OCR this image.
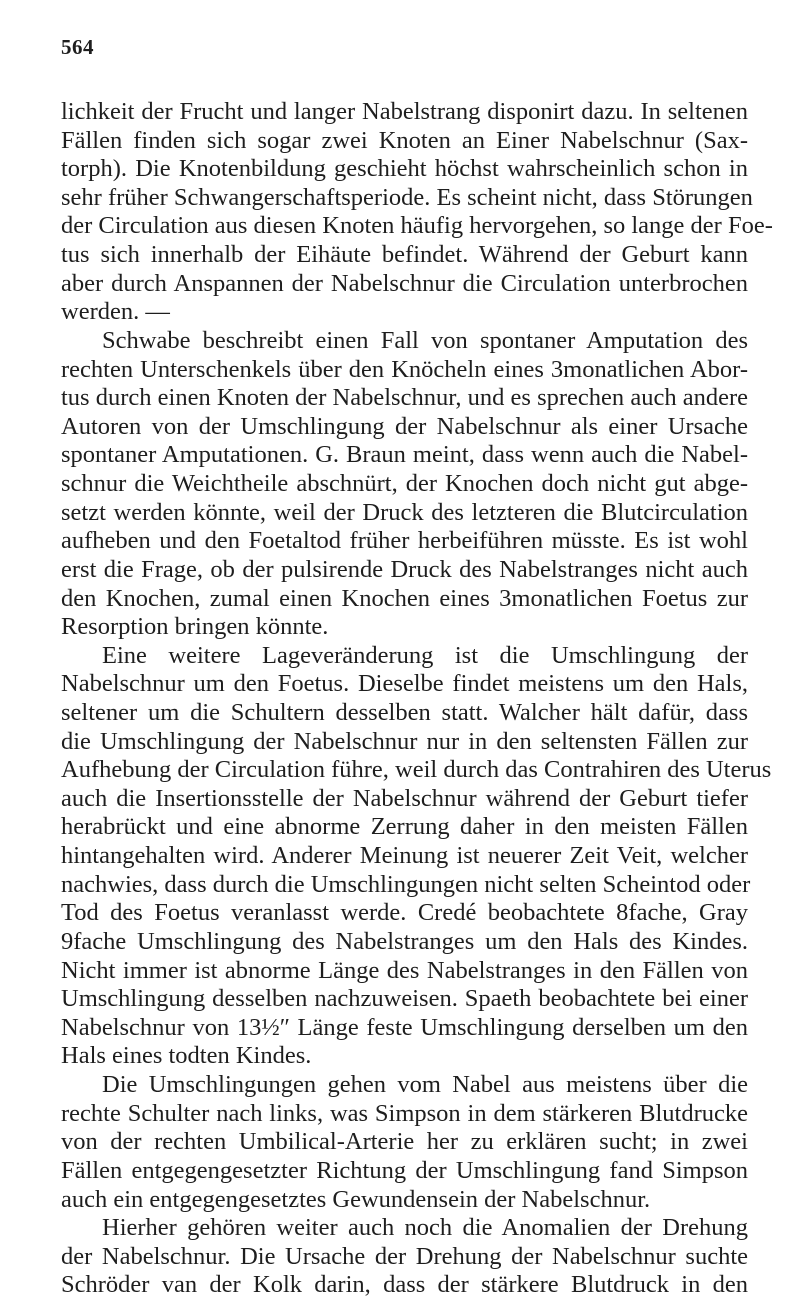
564
lichkeit der Frucht und langer Nabelstrang disponirt dazu. In seltenen
Fällen finden sich sogar zwei Knoten an Einer Nabelschnur (Sax-
torph). Die Knotenbildung geschieht höchst wahrscheinlich schon in
sehr früher Schwangerschaftsperiode. Es scheint nicht, dass Störungen
der Circulation aus diesen Knoten häufig hervorgehen, so lange der Foe-
tus sich innerhalb der Eihäute befindet. Während der Geburt kann
aber durch Anspannen der Nabelschnur die Circulation unterbrochen
werden. —
Schwabe beschreibt einen Fall von spontaner Amputation des
rechten Unterschenkels über den Knöcheln eines 3monatlichen Abor-
tus durch einen Knoten der Nabelschnur, und es sprechen auch andere
Autoren von der Umschlingung der Nabelschnur als einer Ursache
spontaner Amputationen. G. Braun meint, dass wenn auch die Nabel-
schnur die Weichtheile abschnürt, der Knochen doch nicht gut abge-
setzt werden könnte, weil der Druck des letzteren die Blutcirculation
aufheben und den Foetaltod früher herbeiführen müsste. Es ist wohl
erst die Frage, ob der pulsirende Druck des Nabelstranges nicht auch
den Knochen, zumal einen Knochen eines 3monatlichen Foetus zur
Resorption bringen könnte.
Eine weitere Lageveränderung ist die Umschlingung der
Nabelschnur um den Foetus. Dieselbe findet meistens um den Hals,
seltener um die Schultern desselben statt. Walcher hält dafür, dass
die Umschlingung der Nabelschnur nur in den seltensten Fällen zur
Aufhebung der Circulation führe, weil durch das Contrahiren des Uterus
auch die Insertionsstelle der Nabelschnur während der Geburt tiefer
herabrückt und eine abnorme Zerrung daher in den meisten Fällen
hintangehalten wird. Anderer Meinung ist neuerer Zeit Veit, welcher
nachwies, dass durch die Umschlingungen nicht selten Scheintod oder
Tod des Foetus veranlasst werde. Credé beobachtete 8fache, Gray
9fache Umschlingung des Nabelstranges um den Hals des Kindes.
Nicht immer ist abnorme Länge des Nabelstranges in den Fällen von
Umschlingung desselben nachzuweisen. Spaeth beobachtete bei einer
Nabelschnur von 13½″ Länge feste Umschlingung derselben um den
Hals eines todten Kindes.
Die Umschlingungen gehen vom Nabel aus meistens über die
rechte Schulter nach links, was Simpson in dem stärkeren Blutdrucke
von der rechten Umbilical-Arterie her zu erklären sucht; in zwei
Fällen entgegengesetzter Richtung der Umschlingung fand Simpson
auch ein entgegengesetztes Gewundensein der Nabelschnur.
Hierher gehören weiter auch noch die Anomalien der Drehung
der Nabelschnur. Die Ursache der Drehung der Nabelschnur suchte
Schröder van der Kolk darin, dass der stärkere Blutdruck in den
